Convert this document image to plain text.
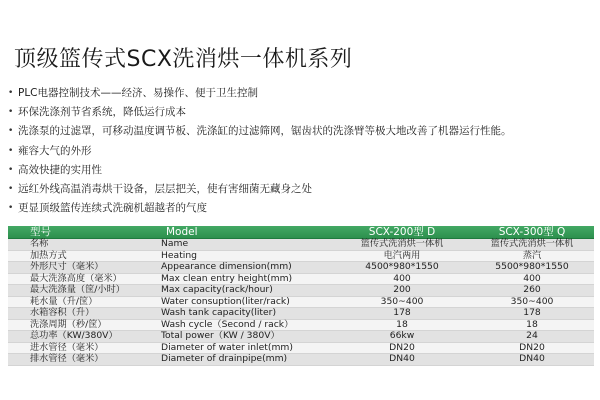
顶级篮传式SCX洗消烘一体机系列
• PLC电器控制技术——经济、易操作、便于卫生控制
• 环保洗涤剂节省系统，降低运行成本
• 洗涤泵的过滤罩，可移动温度调节板、洗涤缸的过滤筛网，锯齿状的洗涤臂等极大地改善了机器运行性能。
• 雍容大气的外形
• 高效快捷的实用性
• 远红外线高温消毒烘干设备，层层把关，使有害细菌无藏身之处
• 更显顶级篮传连续式洗碗机超越者的气度
型号	Model	SCX-200型 D	SCX-300型 Q
名称	Name	篮传式洗消烘一体机	篮传式洗消烘一体机
加热方式	Heating	电汽两用	蒸汽
外形尺寸（毫米）	Appearance dimension(mm)	4500*980*1550	5500*980*1550
最大洗涤高度（毫米）	Max clean entry height(mm)	400	400
最大洗涤量（筐/小时）	Max capacity(rack/hour)	200	260
耗水量（升/筐）	Water consuption(liter/rack)	350~400	350~400
水箱容积（升）	Wash tank capacity(liter)	178	178
洗涤周期（秒/筐）	Wash cycle（Second / rack）	18	18
总功率（KW/380V）	Total power（KW / 380V）	66kw	24
进水管径（毫米）	Diameter of water inlet(mm)	DN20	DN20
排水管径（毫米）	Diameter of drainpipe(mm)	DN40	DN40
